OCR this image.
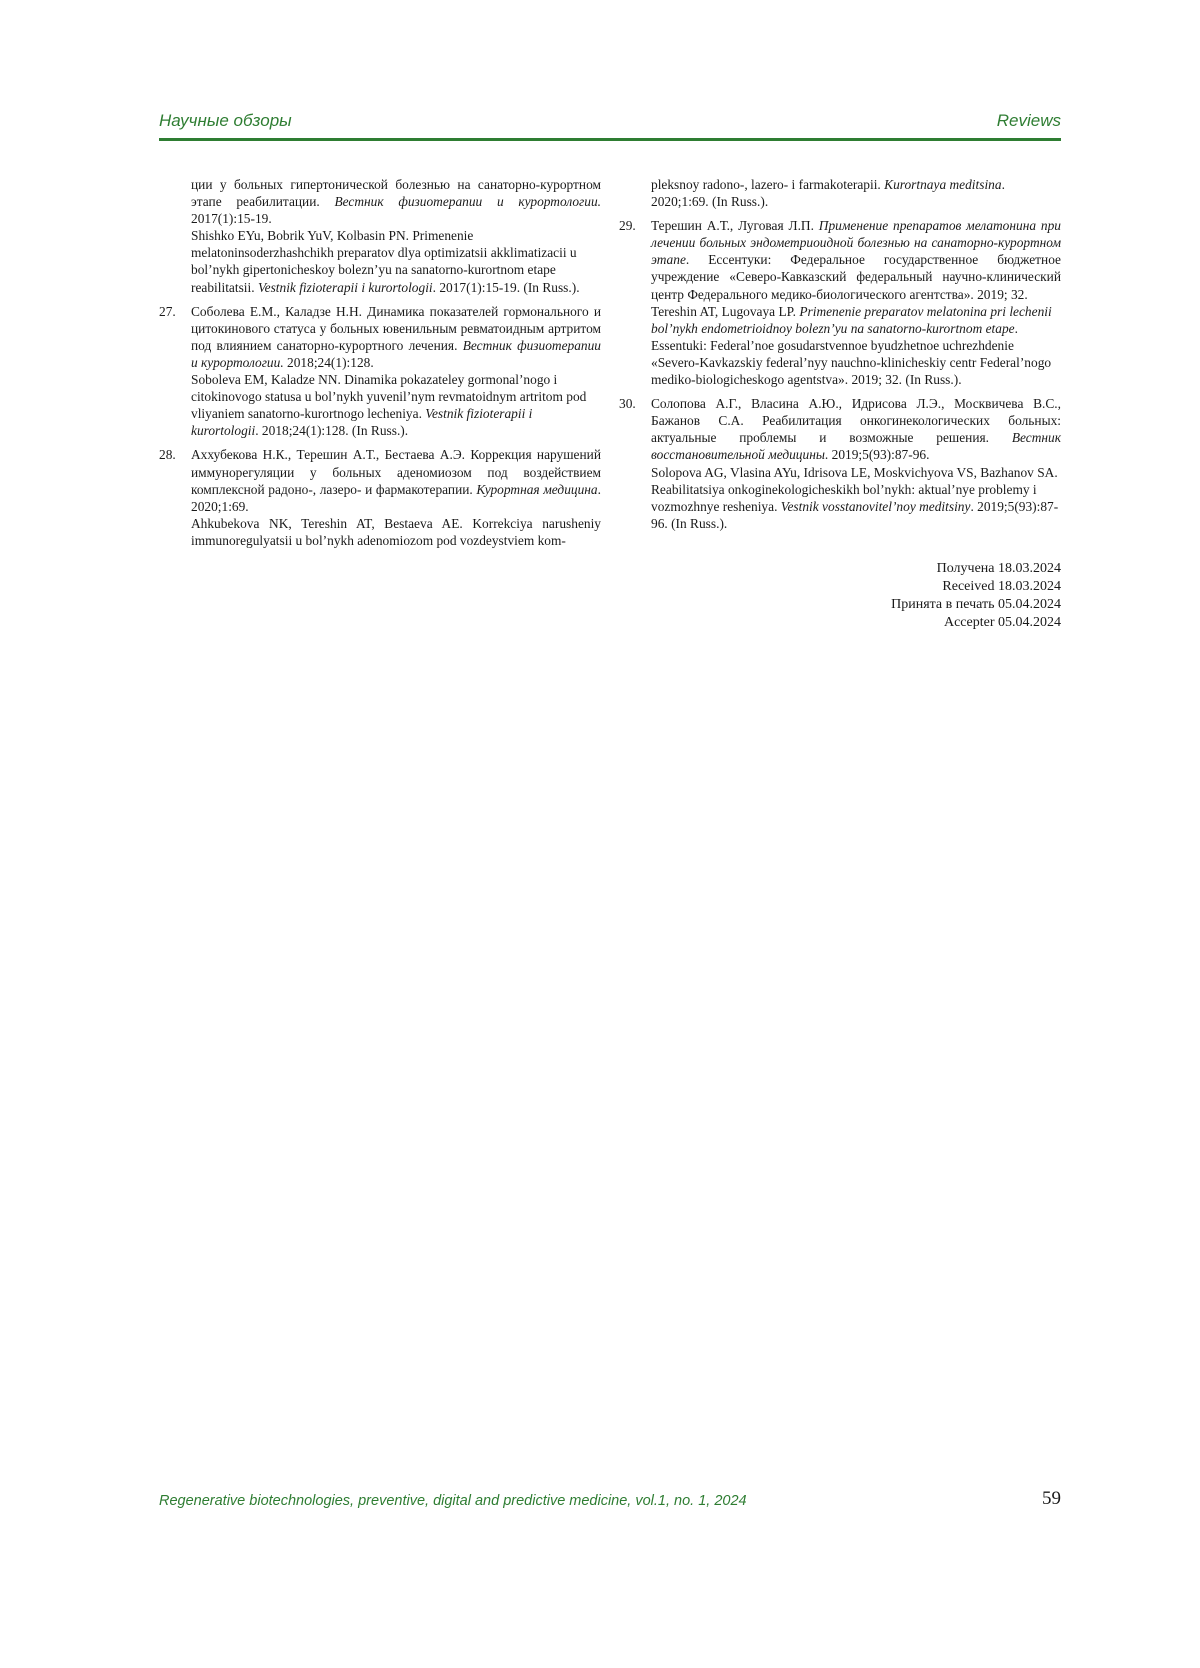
Научные обзоры	Reviews

ции у больных гипертонической болезнью на санаторно-курортном этапе реабилитации. Вестник физиотерапии и курортологии. 2017(1):15-19.

Shishko EYu, Bobrik YuV, Kolbasin PN. Primenenie melatoninsoderzhashchikh preparatov dlya optimizatsii akklimatizacii u bol’nykh gipertonicheskoy bolezn’yu na sanatorno-kurortnom etape reabilitatsii. Vestnik fizioterapii i kurortologii. 2017(1):15-19. (In Russ.).

27. Соболева Е.М., Каладзе Н.Н. Динамика показателей гормонального и цитокинового статуса у больных ювенильным ревматоидным артритом под влиянием санаторно-курортного лечения. Вестник физиотерапии и курортологии. 2018;24(1):128.

Soboleva EM, Kaladze NN. Dinamika pokazateley gormonal’nogo i citokinovogo statusa u bol’nykh yuvenil’nym revmatoidnym artritom pod vliyaniem sanatorno-kurortnogo lecheniya. Vestnik fizioterapii i kurortologii. 2018;24(1):128. (In Russ.).

28. Аххубекова Н.К., Терешин А.Т., Бестаева А.Э. Коррекция нарушений иммунорегуляции у больных аденомиозом под воздействием комплексной радоно-, лазеро- и фармакотерапии. Курортная медицина. 2020;1:69.

Ahkubekova NK, Tereshin AT, Bestaeva AE. Korrekciya narusheniy immunoregulyatsii u bol’nykh adenomiozom pod vozdeystviem kom-

pleksnoy radono-, lazero- i farmakoterapii. Kurortnaya meditsina. 2020;1:69. (In Russ.).

29. Терешин А.Т., Луговая Л.П. Применение препаратов мелатонина при лечении больных эндометриоидной болезнью на санаторно-курортном этапе. Ессентуки: Федеральное государственное бюджетное учреждение «Северо-Кавказский федеральный научно-клинический центр Федерального медико-биологического агентства». 2019; 32.

Tereshin AT, Lugovaya LP. Primenenie preparatov melatonina pri lechenii bol’nykh endometrioidnoy bolezn’yu na sanatorno-kurortnom etape. Essentuki: Federal’noe gosudarstvennoe byudzhetnoe uchrezhdenie «Severo-Kavkazskiy federal’nyy nauchno-klinicheskiy centr Federal’nogo mediko-biologicheskogo agentstva». 2019; 32. (In Russ.).

30. Солопова А.Г., Власина А.Ю., Идрисова Л.Э., Москвичева В.С., Бажанов С.А. Реабилитация онкогинекологических больных: актуальные проблемы и возможные решения. Вестник восстановительной медицины. 2019;5(93):87-96.

Solopova AG, Vlasina AYu, Idrisova LE, Moskvichyova VS, Bazhanov SA. Reabilitatsiya onkoginekologicheskikh bol’nykh: aktual’nye problemy i vozmozhnye resheniya. Vestnik vosstanovitel’noy meditsiny. 2019;5(93):87-96. (In Russ.).

Получена 18.03.2024
Received 18.03.2024
Принята в печать 05.04.2024
Accepter 05.04.2024
Regenerative biotechnologies, preventive, digital and predictive medicine, vol.1, no. 1, 2024	59
